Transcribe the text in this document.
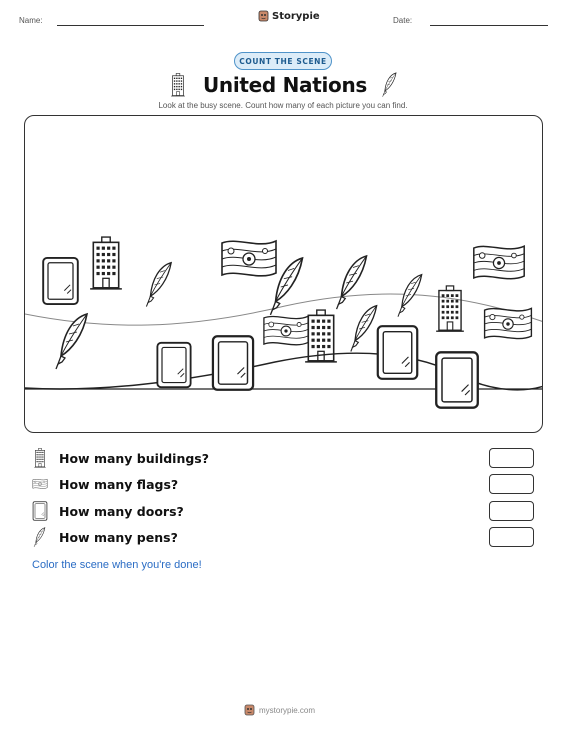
Name:	Storypie	Date:
COUNT THE SCENE
United Nations
Look at the busy scene. Count how many of each picture you can find.
How many buildings?
How many flags?
How many doors?
How many pens?
Color the scene when you're done!
mystorypie.com
